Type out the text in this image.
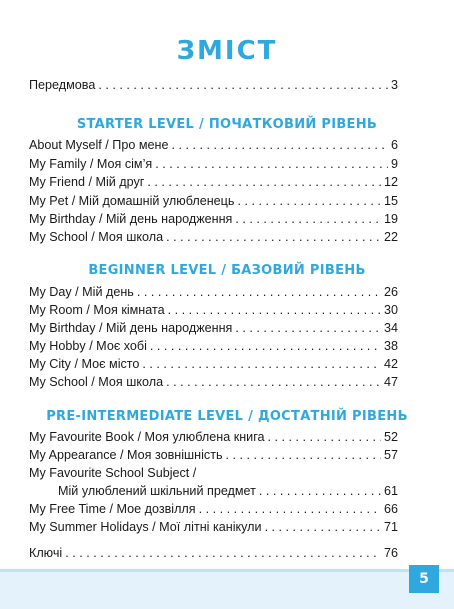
ЗМІСТ
Передмова . . .	3
STARTER LEVEL / ПОЧАТКОВИЙ РІВЕНЬ
About Myself / Про мене . . .	6
My Family / Моя сім’я . . .	9
My Friend / Мій друг . . .	12
My Pet / Мій домашній улюбленець . . .	15
My Birthday / Мій день народження . . .	19
My School / Моя школа . . .	22
BEGINNER LEVEL / БАЗОВИЙ РІВЕНЬ
My Day / Мій день . . .	26
My Room / Моя кімната . . .	30
My Birthday / Мій день народження . . .	34
My Hobby / Моє хобі . . .	38
My City / Моє місто . . .	42
My School / Моя школа . . .	47
PRE-INTERMEDIATE LEVEL / ДОСТАТНІЙ РІВЕНЬ
My Favourite Book / Моя улюблена книга . . .	52
My Appearance / Моя зовнішність . . .	57
My Favourite School Subject /
Мій улюблений шкільний предмет . . .	61
My Free Time / Мое дозвілля . . .	66
My Summer Holidays / Мої літні канікули . . .	71
Ключі . . .	76
5
